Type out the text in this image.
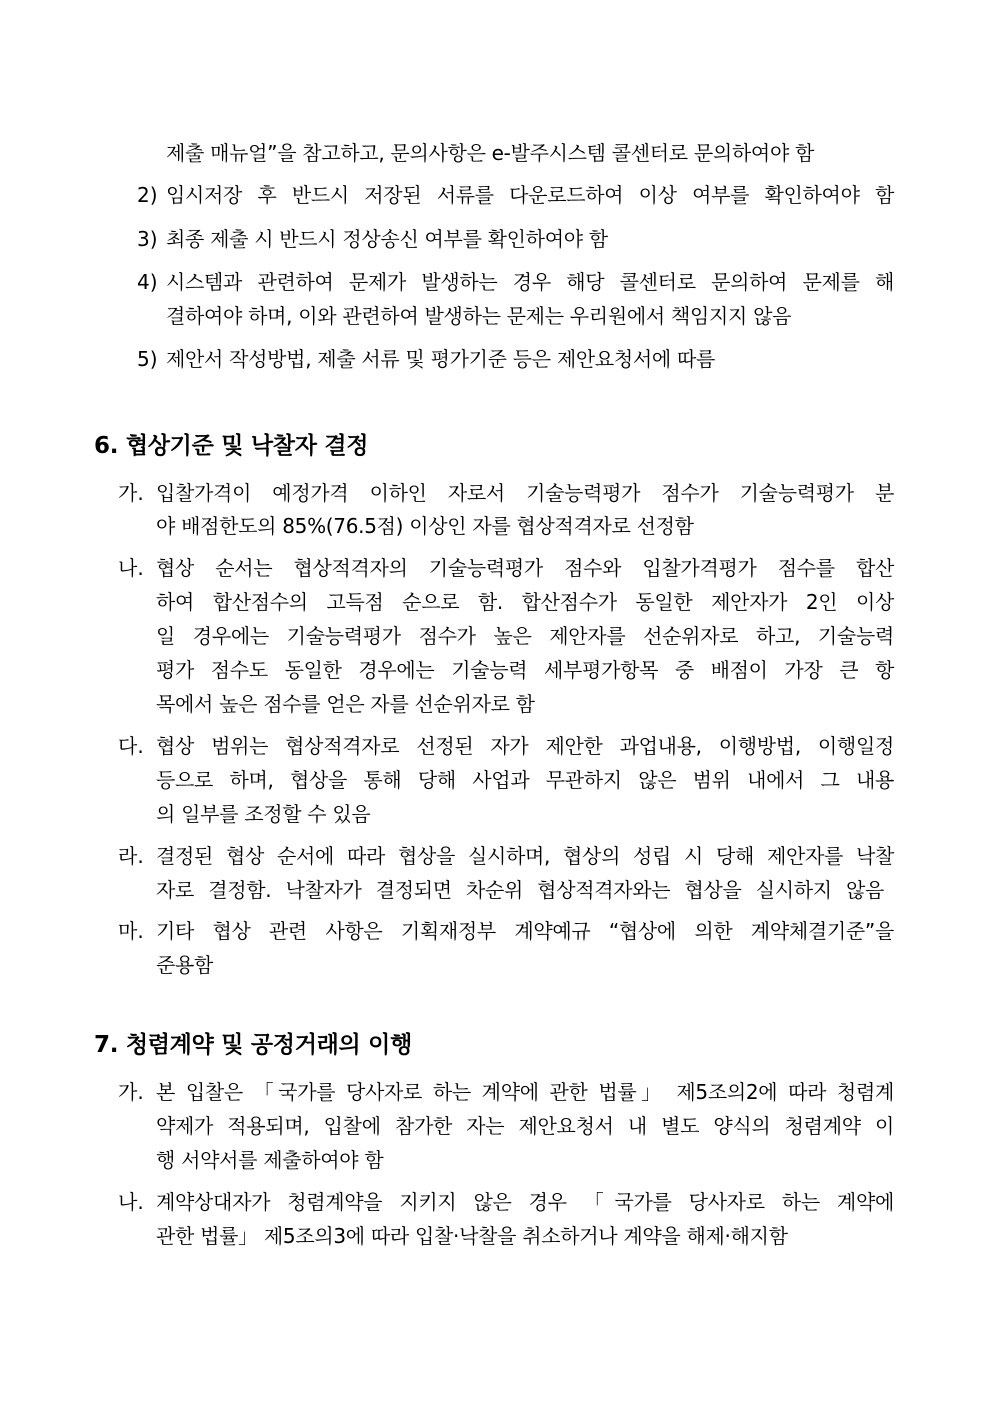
제출 매뉴얼”을 참고하고, 문의사항은 e-발주시스템 콜센터로 문의하여야 함
2) 임시저장 후 반드시 저장된 서류를 다운로드하여 이상 여부를 확인하여야 함
3) 최종 제출 시 반드시 정상송신 여부를 확인하여야 함
4) 시스템과 관련하여 문제가 발생하는 경우 해당 콜센터로 문의하여 문제를 해
결하여야 하며, 이와 관련하여 발생하는 문제는 우리원에서 책임지지 않음
5) 제안서 작성방법, 제출 서류 및 평가기준 등은 제안요청서에 따름
6. 협상기준 및 낙찰자 결정
가. 입찰가격이 예정가격 이하인 자로서 기술능력평가 점수가 기술능력평가 분
야 배점한도의 85%(76.5점) 이상인 자를 협상적격자로 선정함
나. 협상 순서는 협상적격자의 기술능력평가 점수와 입찰가격평가 점수를 합산
하여 합산점수의 고득점 순으로 함. 합산점수가 동일한 제안자가 2인 이상
일 경우에는 기술능력평가 점수가 높은 제안자를 선순위자로 하고, 기술능력
평가 점수도 동일한 경우에는 기술능력 세부평가항목 중 배점이 가장 큰 항
목에서 높은 점수를 얻은 자를 선순위자로 함
다. 협상 범위는 협상적격자로 선정된 자가 제안한 과업내용, 이행방법, 이행일정
등으로 하며, 협상을 통해 당해 사업과 무관하지 않은 범위 내에서 그 내용
의 일부를 조정할 수 있음
라. 결정된 협상 순서에 따라 협상을 실시하며, 협상의 성립 시 당해 제안자를 낙찰
자로 결정함. 낙찰자가 결정되면 차순위 협상적격자와는 협상을 실시하지 않음
마. 기타 협상 관련 사항은 기획재정부 계약예규 “협상에 의한 계약체결기준”을
준용함
7. 청렴계약 및 공정거래의 이행
가. 본 입찰은 「국가를 당사자로 하는 계약에 관한 법률」 제5조의2에 따라 청렴계
약제가 적용되며, 입찰에 참가한 자는 제안요청서 내 별도 양식의 청렴계약 이
행 서약서를 제출하여야 함
나. 계약상대자가 청렴계약을 지키지 않은 경우 「국가를 당사자로 하는 계약에
관한 법률」 제5조의3에 따라 입찰·낙찰을 취소하거나 계약을 해제·해지함
